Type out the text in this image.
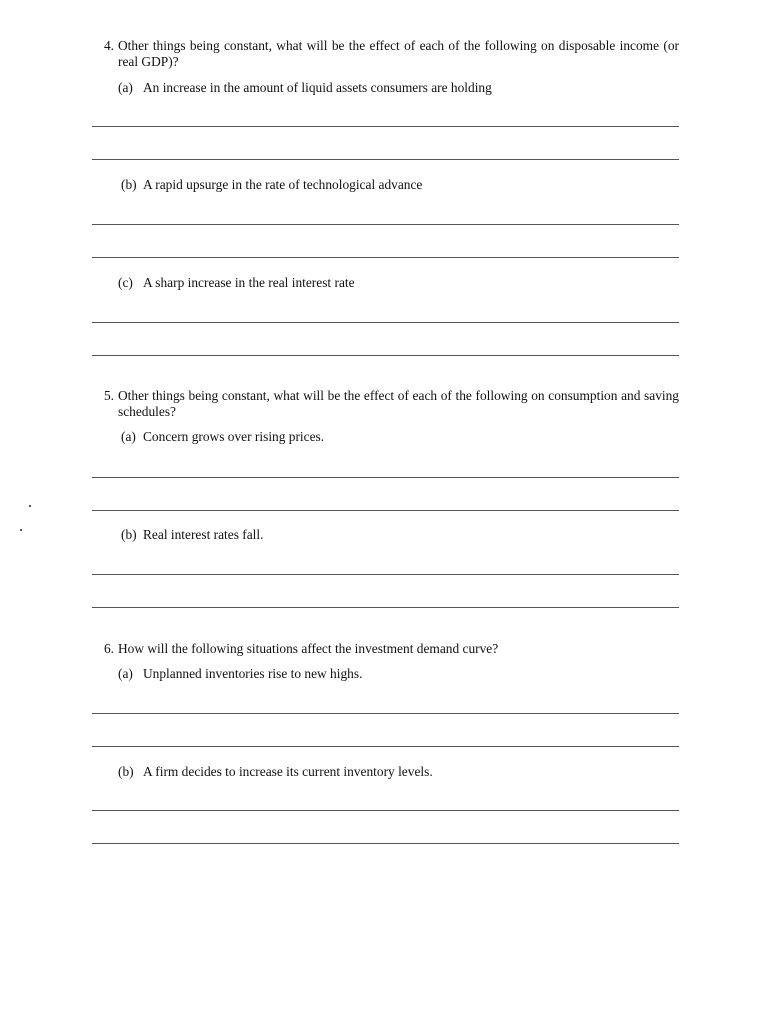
4. Other things being constant, what will be the effect of each of the following on disposable income (or real GDP)?
(a) An increase in the amount of liquid assets consumers are holding
(b) A rapid upsurge in the rate of technological advance
(c) A sharp increase in the real interest rate
5. Other things being constant, what will be the effect of each of the following on consumption and saving schedules?
(a) Concern grows over rising prices.
(b) Real interest rates fall.
6. How will the following situations affect the investment demand curve?
(a) Unplanned inventories rise to new highs.
(b) A firm decides to increase its current inventory levels.
